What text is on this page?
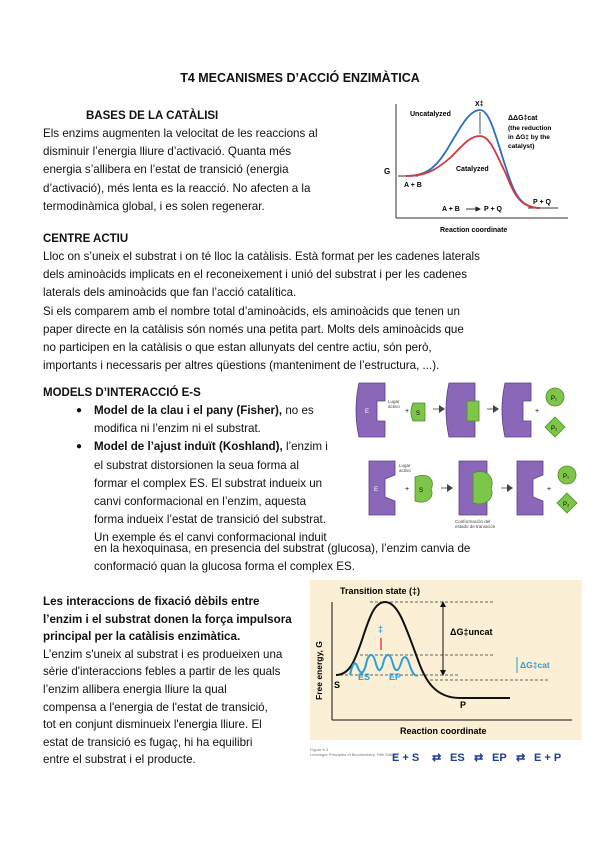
T4 MECANISMES D’ACCIÓ ENZIMÀTICA
BASES DE LA CATÀLISI
Els enzims augmenten la velocitat de les reaccions al
disminuir l’energia lliure d’activació. Quanta més
energia s’allibera en l’estat de transició (energia
d’activació), més lenta es la reacció. No afecten a la
termodinàmica global, i es solen regenerar.
G
Reaction coordinate
X‡
Uncatalyzed
Catalyzed
ΔΔG‡cat
(the reduction
in ΔG‡ by the
catalyst)
A + B
P + Q
A + B	P + Q
CENTRE ACTIU
Lloc on s’uneix el substrat i on té lloc la catàlisis. Està format per les cadenes laterals
dels aminoàcids implicats en el reconeixement i unió del substrat i per les cadenes
laterals dels aminoàcids que fan l’acció catalítica.
Si els comparem amb el nombre total d’aminoàcids, els aminoàcids que tenen un
paper directe en la catàlisis són només una petita part. Molts dels aminoàcids que
no participen en la catàlisis o que estan allunyats del centre actiu, són però,
importants i necessaris per altres qüestions (manteniment de l’estructura, ...).
MODELS D’INTERACCIÓ E-S
● Model de la clau i el pany (Fisher), no es
modifica ni l’enzim ni el substrat.
● Model de l’ajust induït (Koshland), l’enzim i
el substrat distorsionen la seua forma al
formar el complex ES. El substrat indueix un
canvi conformacional en l’enzim, aquesta
forma indueix l’estat de transició del substrat.
Un exemple és el canvi conformacional induit
en la hexoquinasa, en presencia del substrat (glucosa), l’enzim canvia de
conformació quan la glucosa forma el complex ES.
E
Lugar
activo
+ S	+
P₁
P₂
E
Lugar
activo
+ S
Conformación del
estado de transición
+
P₁
P₂
Les interaccions de fixació dèbils entre
l’enzim i el substrat donen la força impulsora
principal per la catàlisis enzimàtica.
L’enzim s'uneix al substrat i es produeixen una
sèrie d'interaccions febles a partir de les quals
l’enzim allibera energia lliure la qual
compensa a l'energia de l'estat de transició,
tot en conjunt disminueix l'energia lliure. El
estat de transició es fugaç, hi ha equilibri
entre el substrat i el producte.
Transition state (‡)
Free energy, G
‡
ES EP
S
P
ΔG‡uncat
ΔG‡cat
Reaction coordinate
Figure 6-3
Lehninger Principles of Biochemistry, Fifth Edition
E + S ⇄ ES ⇄ EP ⇄ E + P
